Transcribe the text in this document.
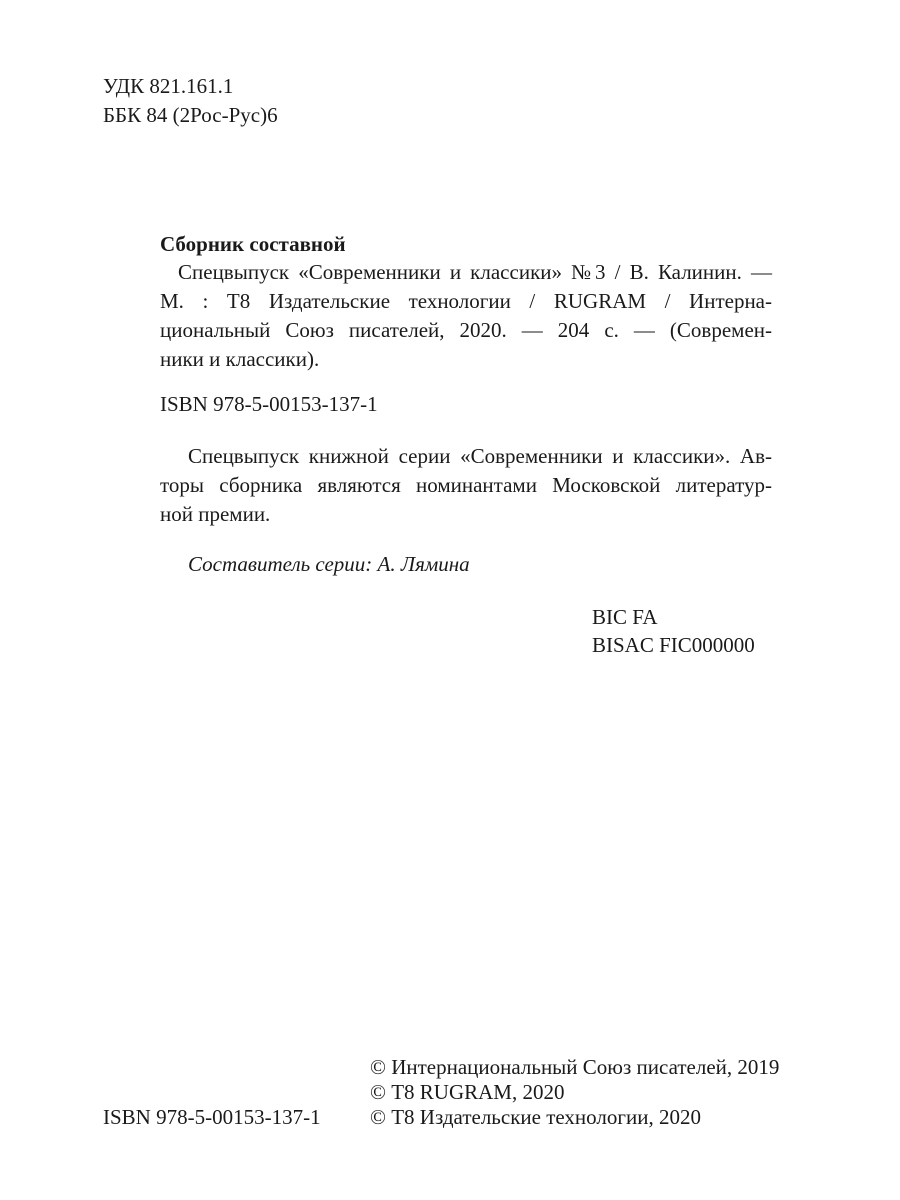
УДК 821.161.1
ББК 84 (2Рос-Рус)6
Сборник составной
Спецвыпуск «Современники и классики» №3 / В. Калинин. —
М. : Т8 Издательские технологии / RUGRAM / Интерна-
циональный Союз писателей, 2020. — 204 с. — (Современ-
ники и классики).
ISBN 978-5-00153-137-1
Спецвыпуск книжной серии «Современники и классики». Ав-
торы сборника являются номинантами Московской литератур-
ной премии.
Составитель серии: А. Лямина
BIC FA
BISAC FIC000000
ISBN 978-5-00153-137-1
© Интернациональный Союз писателей, 2019
© Т8 RUGRAM, 2020
© Т8 Издательские технологии, 2020
